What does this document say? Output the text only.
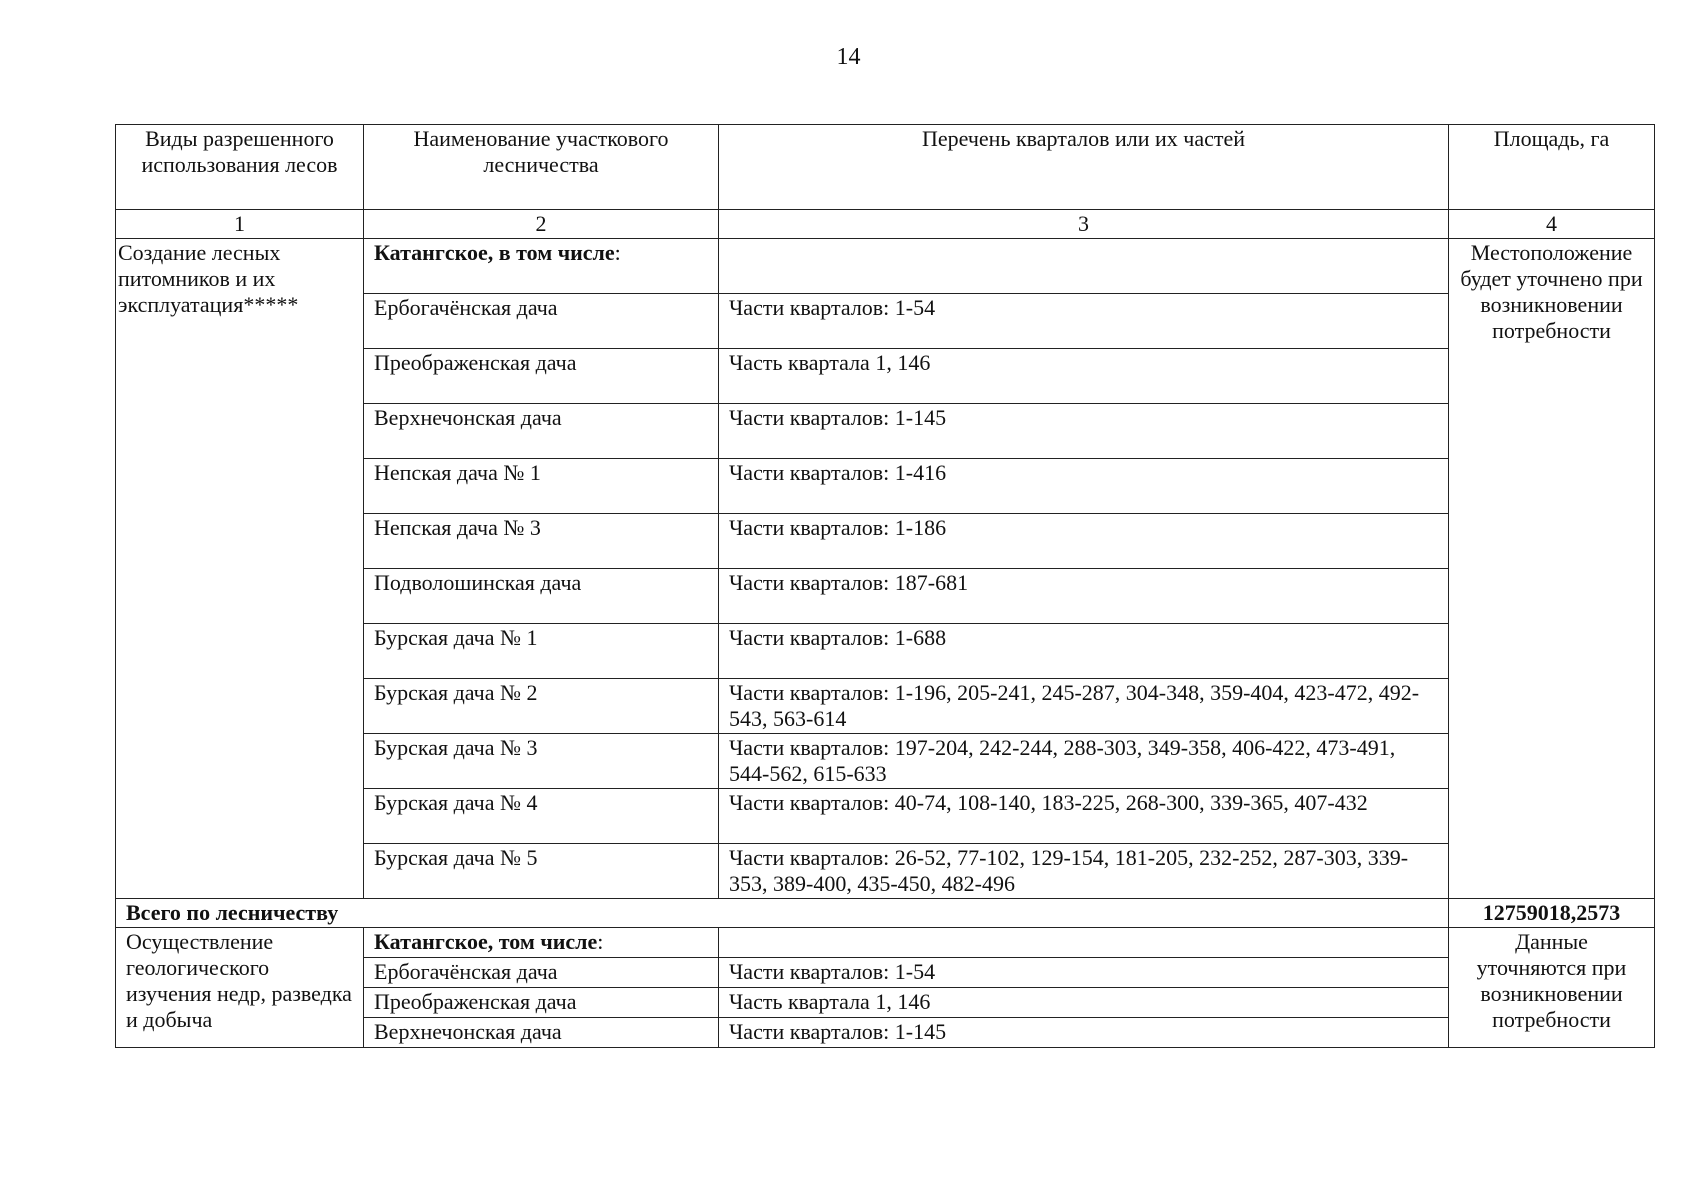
14
Виды разрешенного использования лесов	Наименование участкового лесничества	Перечень кварталов или их частей	Площадь, га
1	2	3	4
Создание лесных питомников и их эксплуатация*****	Катангское, в том числе:		Местоположение будет уточнено при возникновении потребности
	Ербогачёнская дача	Части кварталов: 1-54	
	Преображенская дача	Часть квартала 1, 146	
	Верхнечонская дача	Части кварталов: 1-145	
	Непская дача № 1	Части кварталов: 1-416	
	Непская дача № 3	Части кварталов: 1-186	
	Подволошинская дача	Части кварталов: 187-681	
	Бурская дача № 1	Части кварталов: 1-688	
	Бурская дача № 2	Части кварталов: 1-196, 205-241, 245-287, 304-348, 359-404, 423-472, 492-543, 563-614	
	Бурская дача № 3	Части кварталов: 197-204, 242-244, 288-303, 349-358, 406-422, 473-491, 544-562, 615-633	
	Бурская дача № 4	Части кварталов: 40-74, 108-140, 183-225, 268-300, 339-365, 407-432	
	Бурская дача № 5	Части кварталов: 26-52, 77-102, 129-154, 181-205, 232-252, 287-303, 339-353, 389-400, 435-450, 482-496	
Всего по лесничеству			12759018,2573
Осуществление геологического изучения недр, разведка и добыча	Катангское, том числе:		Данные уточняются при возникновении потребности
	Ербогачёнская дача	Части кварталов: 1-54	
	Преображенская дача	Часть квартала 1, 146	
	Верхнечонская дача	Части кварталов: 1-145	
